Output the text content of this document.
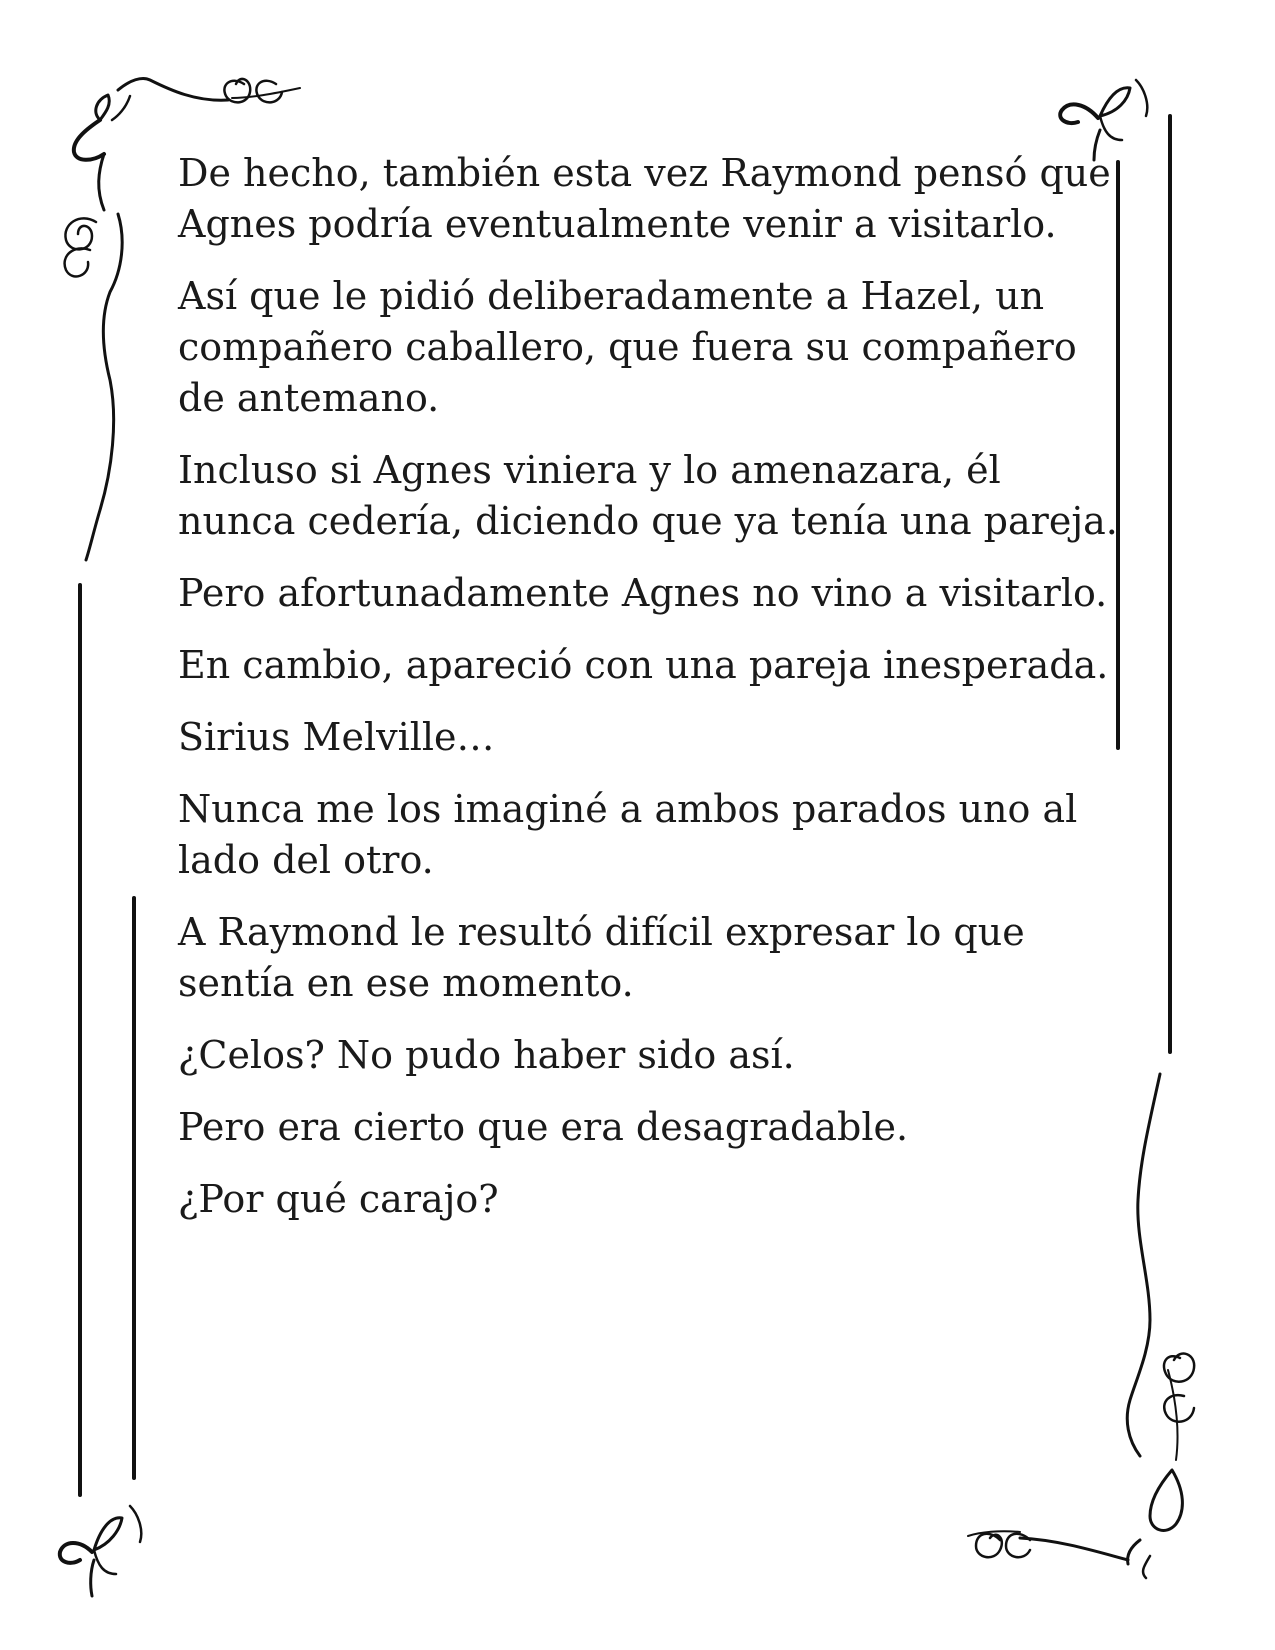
De hecho, también esta vez Raymond pensó que Agnes podría eventualmente venir a visitarlo.

Así que le pidió deliberadamente a Hazel, un compañero caballero, que fuera su compañero de antemano.

Incluso si Agnes viniera y lo amenazara, él nunca cedería, diciendo que ya tenía una pareja.

Pero afortunadamente Agnes no vino a visitarlo.

En cambio, apareció con una pareja inesperada.

Sirius Melville…

Nunca me los imaginé a ambos parados uno al lado del otro.

A Raymond le resultó difícil expresar lo que sentía en ese momento.

¿Celos? No pudo haber sido así.

Pero era cierto que era desagradable.

¿Por qué carajo?
